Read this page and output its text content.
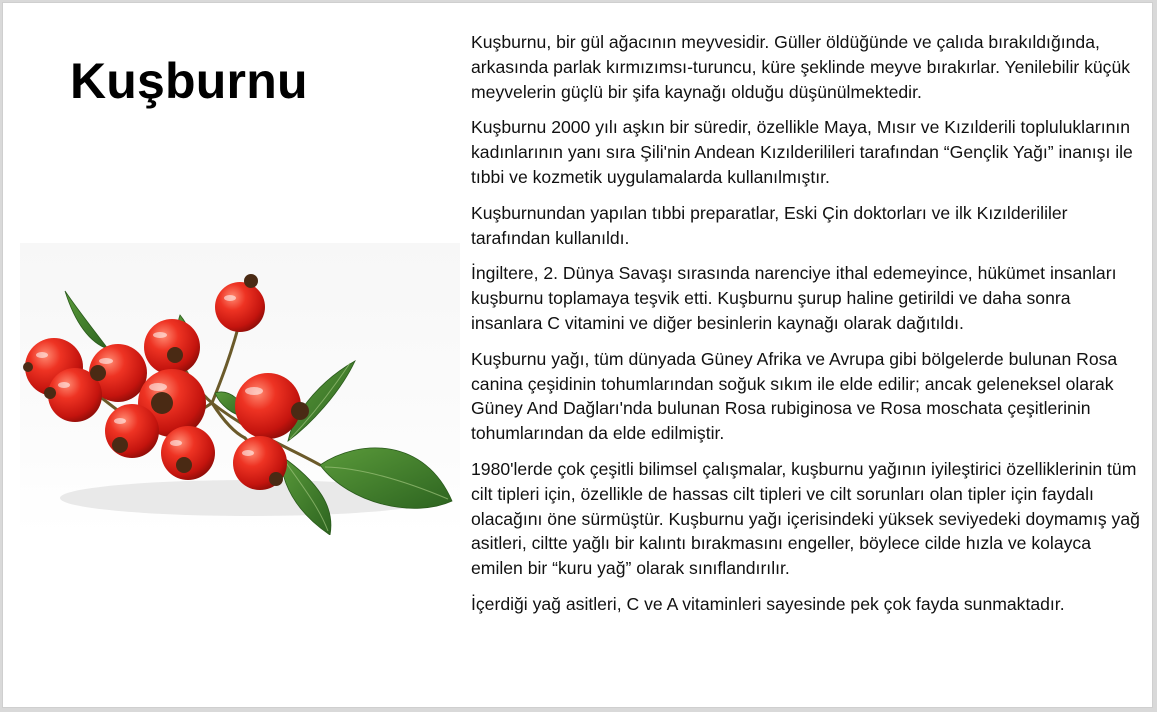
Kuşburnu

Kuşburnu, bir gül ağacının meyvesidir. Güller öldüğünde ve çalıda bırakıldığında, arkasında parlak kırmızımsı-turuncu, küre şeklinde meyve bırakırlar. Yenilebilir küçük meyvelerin güçlü bir şifa kaynağı olduğu düşünülmektedir.

Kuşburnu 2000 yılı aşkın bir süredir, özellikle Maya, Mısır ve Kızılderili topluluklarının kadınlarının yanı sıra Şili'nin Andean Kızılderilileri tarafından “Gençlik Yağı” inanışı ile tıbbi ve kozmetik uygulamalarda kullanılmıştır.

Kuşburnundan yapılan tıbbi preparatlar, Eski Çin doktorları ve ilk Kızılderililer tarafından kullanıldı.

İngiltere, 2. Dünya Savaşı sırasında narenciye ithal edemeyince, hükümet insanları kuşburnu toplamaya teşvik etti. Kuşburnu şurup haline getirildi ve daha sonra insanlara C vitamini ve diğer besinlerin kaynağı olarak dağıtıldı.

Kuşburnu yağı, tüm dünyada Güney Afrika ve Avrupa gibi bölgelerde bulunan Rosa canina çeşidinin tohumlarından soğuk sıkım ile elde edilir; ancak geleneksel olarak Güney And Dağları'nda bulunan Rosa rubiginosa ve Rosa moschata çeşitlerinin tohumlarından da elde edilmiştir.

1980'lerde çok çeşitli bilimsel çalışmalar, kuşburnu yağının iyileştirici özelliklerinin tüm cilt tipleri için, özellikle de hassas cilt tipleri ve cilt sorunları olan tipler için faydalı olacağını öne sürmüştür. Kuşburnu yağı içerisindeki yüksek seviyedeki doymamış yağ asitleri, ciltte yağlı bir kalıntı bırakmasını engeller, böylece cilde hızla ve kolayca emilen bir “kuru yağ” olarak sınıflandırılır.

İçerdiği yağ asitleri, C ve A vitaminleri sayesinde pek çok fayda sunmaktadır.
